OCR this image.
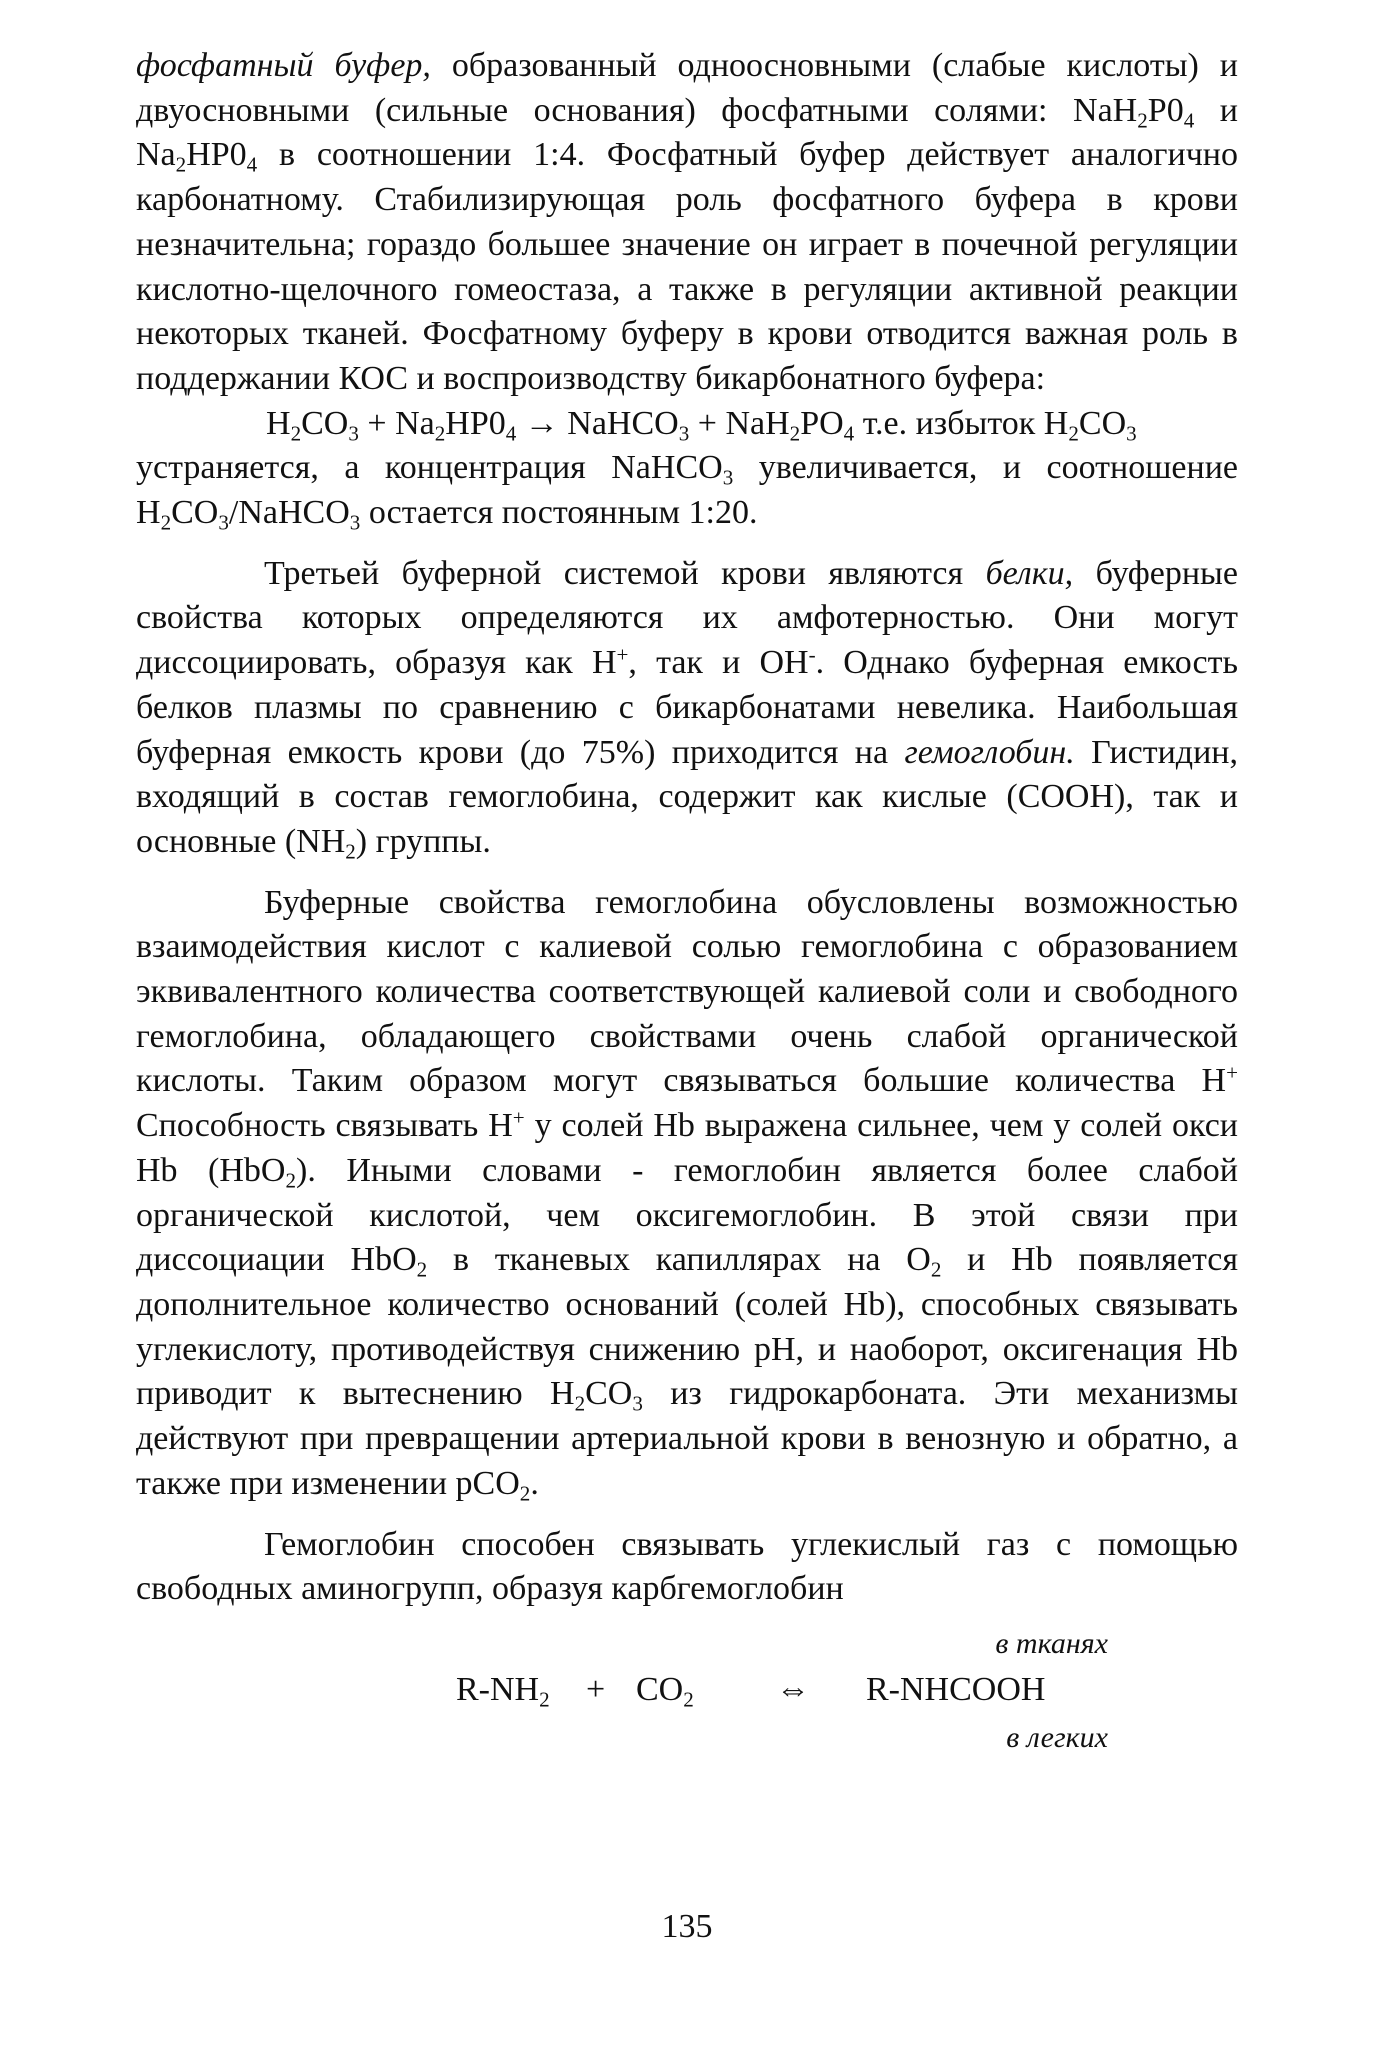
фосфатный буфер, образованный одноосновными (слабые кислоты) и двуосновными (сильные основания) фосфатными солями: $NaH_2P0_4$ и $Na_2HP0_4$ в соотношении 1:4. Фосфатный буфер действует аналогично карбонатному. Стабилизирующая роль фосфатного буфера в крови незначительна; гораздо большее значение он играет в почечной регуляции кислотно-щелочного гомеостаза, а также в регуляции активной реакции некоторых тканей. Фосфатному буферу в крови отводится важная роль в поддержании КОС и воспроизводству бикарбонатного буфера:

$H_2CO_3 + Na_2HP0_4$ → NaHCO$_3$ + $NaH_2PO_4$ т.е. избыток $H_2CO_3$

устраняется, а концентрация NaHCO$_3$ увеличивается, и соотношение $H_2CO_3/NaHCO_3$ остается постоянным 1:20.

Третьей буферной системой крови являются белки, буферные свойства которых определяются их амфотерностью. Они могут диссоциировать, образуя как Н+, так и ОН-. Однако буферная емкость белков плазмы по сравнению с бикарбонатами невелика. Наибольшая буферная емкость крови (до 75%) приходится на гемоглобин. Гистидин, входящий в состав гемоглобина, содержит как кислые (СООН), так и основные $(NH_2)$ группы.

Буферные свойства гемоглобина обусловлены возможностью взаимодействия кислот с калиевой солью гемоглобина с образованием эквивалентного количества соответствующей калиевой соли и свободного гемоглобина, обладающего свойствами очень слабой органической кислоты. Таким образом могут связываться большие количества Н+ Способность связывать Н+ у солей Hb выражена сильнее, чем у солей окси Hb (HbO$_2$). Иными словами - гемоглобин является более слабой органической кислотой, чем оксигемоглобин. В этой связи при диссоциации HbO$_2$ в тканевых капиллярах на $O_2$ и Hb появляется дополнительное количество оснований (солей Hb), способных связывать углекислоту, противодействуя снижению pH, и наоборот, оксигенация Hb приводит к вытеснению $H_2CO_3$ из гидрокарбоната. Эти механизмы действуют при превращении артериальной крови в венозную и обратно, а также при изменении pCO$_2$.

Гемоглобин способен связывать углекислый газ с помощью свободных аминогрупп, образуя карбгемоглобин

в тканях

$R-NH_2 + CO_2$ ⇔ R-NHCOOH

в легких

135
